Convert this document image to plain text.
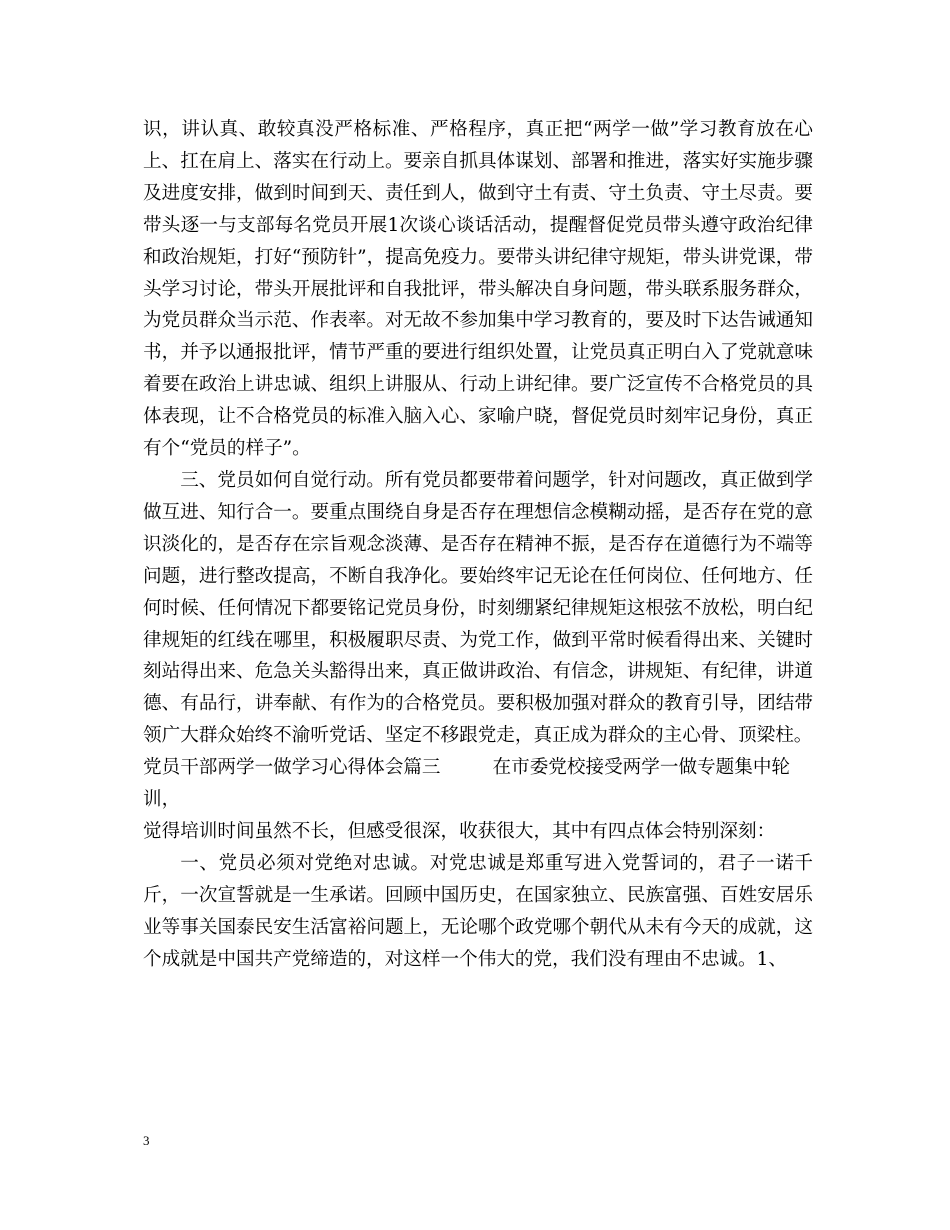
识，讲认真、敢较真没严格标准、严格程序，真正把“两学一做”学习教育放在心上、扛在肩上、落实在行动上。要亲自抓具体谋划、部署和推进，落实好实施步骤及进度安排，做到时间到天、责任到人，做到守土有责、守土负责、守土尽责。要带头逐一与支部每名党员开展1次谈心谈话活动，提醒督促党员带头遵守政治纪律和政治规矩，打好“预防针”，提高免疫力。要带头讲纪律守规矩，带头讲党课，带头学习讨论，带头开展批评和自我批评，带头解决自身问题，带头联系服务群众，为党员群众当示范、作表率。对无故不参加集中学习教育的，要及时下达告诫通知书，并予以通报批评，情节严重的要进行组织处置，让党员真正明白入了党就意味着要在政治上讲忠诚、组织上讲服从、行动上讲纪律。要广泛宣传不合格党员的具体表现，让不合格党员的标准入脑入心、家喻户晓，督促党员时刻牢记身份，真正有个“党员的样子”。

三、党员如何自觉行动。所有党员都要带着问题学，针对问题改，真正做到学做互进、知行合一。要重点围绕自身是否存在理想信念模糊动摇，是否存在党的意识淡化的，是否存在宗旨观念淡薄、是否存在精神不振，是否存在道德行为不端等问题，进行整改提高，不断自我净化。要始终牢记无论在任何岗位、任何地方、任何时候、任何情况下都要铭记党员身份，时刻绷紧纪律规矩这根弦不放松，明白纪律规矩的红线在哪里，积极履职尽责、为党工作，做到平常时候看得出来、关键时刻站得出来、危急关头豁得出来，真正做讲政治、有信念，讲规矩、有纪律，讲道德、有品行，讲奉献、有作为的合格党员。要积极加强对群众的教育引导，团结带领广大群众始终不渝听党话、坚定不移跟党走，真正成为群众的主心骨、顶梁柱。

党员干部两学一做学习心得体会篇三	在市委党校接受两学一做专题集中轮训，

觉得培训时间虽然不长，但感受很深，收获很大，其中有四点体会特别深刻：

一、党员必须对党绝对忠诚。对党忠诚是郑重写进入党誓词的，君子一诺千斤，一次宣誓就是一生承诺。回顾中国历史，在国家独立、民族富强、百姓安居乐业等事关国泰民安生活富裕问题上，无论哪个政党哪个朝代从未有今天的成就，这个成就是中国共产党缔造的，对这样一个伟大的党，我们没有理由不忠诚。1、

3
